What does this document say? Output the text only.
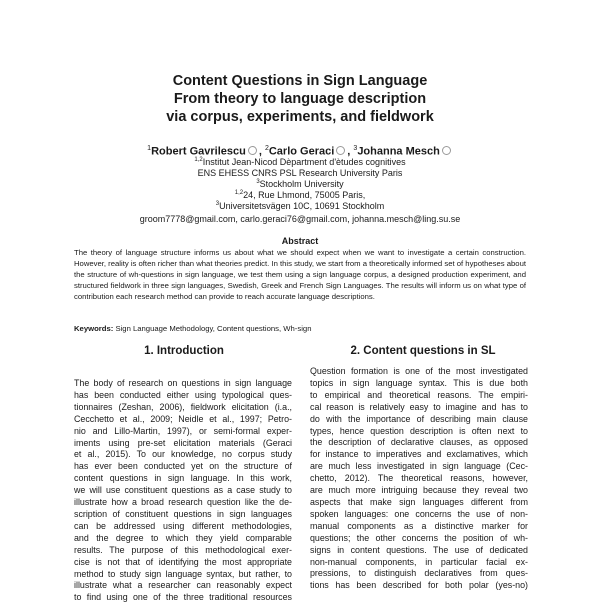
Content Questions in Sign Language
From theory to language description
via corpus, experiments, and fieldwork
$^1$Robert Gavrilescu , $^2$Carlo Geraci , $^3$Johanna Mesch
$^{1,2}$Institut Jean-Nicod Dèpartment d'ètudes cognitives
ENS EHESS CNRS PSL Research University Paris
$^3$Stockholm University
$^{1,2}$24, Rue Lhmond, 75005 Paris,
$^3$Universitetsvägen 10C, 10691 Stockholm
groom7778@gmail.com, carlo.geraci76@gmail.com, johanna.mesch@ling.su.se
Abstract
The theory of language structure informs us about what we should expect when we want to investigate a certain construction. However, reality is often richer than what theories predict. In this study, we start from a theoretically informed set of hypotheses about the structure of wh-questions in sign language, we test them using a sign language corpus, a designed production experiment, and structured fieldwork in three sign languages, Swedish, Greek and French Sign Languages. The results will inform us on what type of contribution each research method can provide to reach accurate language descriptions.
Keywords: Sign Language Methodology, Content questions, Wh-sign
1. Introduction	2. Content questions in SL
The body of research on questions in sign language
has been conducted either using typological ques-
tionnaires (Zeshan, 2006), fieldwork elicitation (i.a.,
Cecchetto et al., 2009; Neidle et al., 1997; Petro-
nio and Lillo-Martin, 1997), or semi-formal exper-
iments using pre-set elicitation materials (Geraci
et al., 2015). To our knowledge, no corpus study
has ever been conducted yet on the structure of
content questions in sign language. In this work,
we will use constituent questions as a case study to
illustrate how a broad research question like the de-
scription of constituent questions in sign languages
can be addressed using different methodologies,
and the degree to which they yield comparable
results. The purpose of this methodological exer-
cise is not that of identifying the most appropriate
method to study sign language syntax, but rather, to
illustrate what a researcher can reasonably expect
to find using one of the three traditional resources
Question formation is one of the most investigated
topics in sign language syntax. This is due both
to empirical and theoretical reasons. The empiri-
cal reason is relatively easy to imagine and has to
do with the importance of describing main clause
types, hence question description is often next to
the description of declarative clauses, as opposed
for instance to imperatives and exclamatives, which
are much less investigated in sign language (Cec-
chetto, 2012). The theoretical reasons, however,
are much more intriguing because they reveal two
aspects that make sign languages different from
spoken languages: one concerns the use of non-
manual components as a distinctive marker for
questions; the other concerns the position of wh-
signs in content questions. The use of dedicated
non-manual components, in particular facial ex-
pressions, to distinguish declaratives from ques-
tions has been described for both polar (yes-no)
